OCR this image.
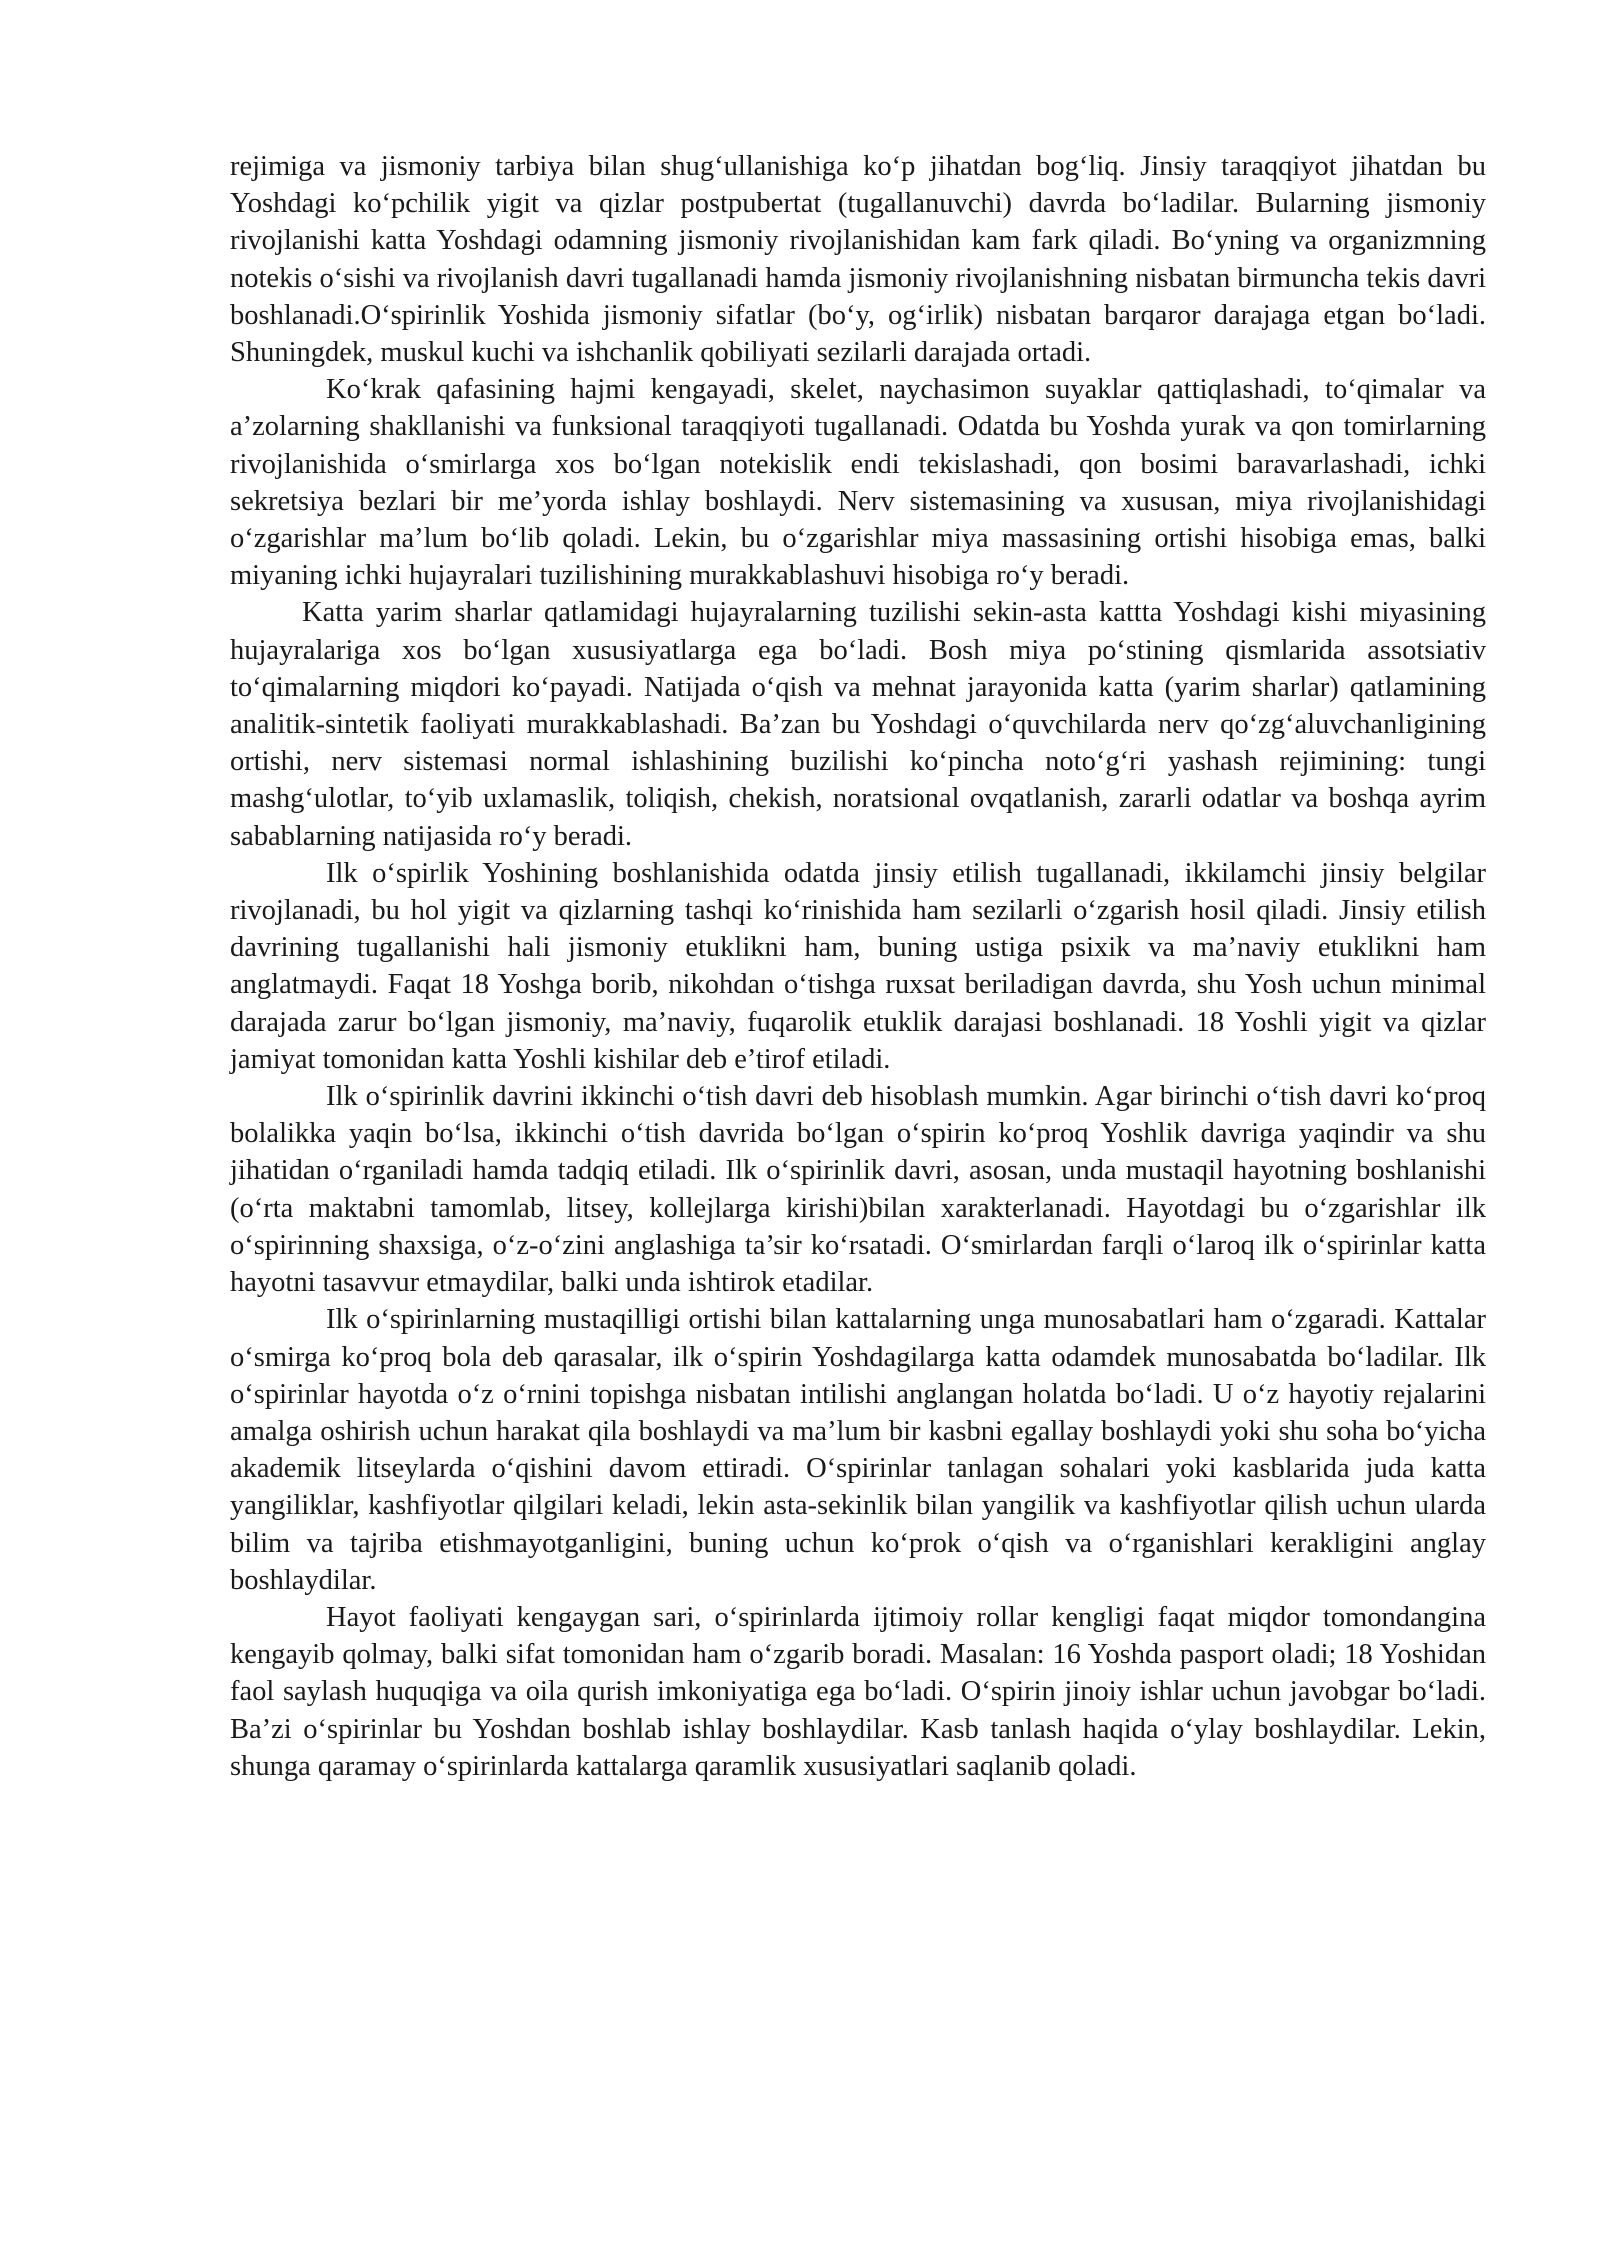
rejimiga va jismoniy tarbiya bilan shug‘ullanishiga ko‘p jihatdan bog‘liq. Jinsiy taraqqiyot jihatdan bu Yoshdagi ko‘pchilik yigit va qizlar postpubertat (tugallanuvchi) davrda bo‘ladilar. Bularning jismoniy rivojlanishi katta Yoshdagi odamning jismoniy rivojlanishidan kam fark qiladi. Bo‘yning va organizmning notekis o‘sishi va rivojlanish davri tugallanadi hamda jismoniy rivojlanishning nisbatan birmuncha tekis davri boshlanadi.O‘spirinlik Yoshida jismoniy sifatlar (bo‘y, og‘irlik) nisbatan barqaror darajaga etgan bo‘ladi. Shuningdek, muskul kuchi va ishchanlik qobiliyati sezilarli darajada ortadi.

Ko‘krak qafasining hajmi kengayadi, skelet, naychasimon suyaklar qattiqlashadi, to‘qimalar va a’zolarning shakllanishi va funksional taraqqiyoti tugallanadi. Odatda bu Yoshda yurak va qon tomirlarning rivojlanishida o‘smirlarga xos bo‘lgan notekislik endi tekislashadi, qon bosimi baravarlashadi, ichki sekretsiya bezlari bir me’yorda ishlay boshlaydi. Nerv sistemasining va xususan, miya rivojlanishidagi o‘zgarishlar ma’lum bo‘lib qoladi. Lekin, bu o‘zgarishlar miya massasining ortishi hisobiga emas, balki miyaning ichki hujayralari tuzilishining murakkablashuvi hisobiga ro‘y beradi.

Katta yarim sharlar qatlamidagi hujayralarning tuzilishi sekin-asta kattta Yoshdagi kishi miyasining hujayralariga xos bo‘lgan xususiyatlarga ega bo‘ladi. Bosh miya po‘stining qismlarida assotsiativ to‘qimalarning miqdori ko‘payadi. Natijada o‘qish va mehnat jarayonida katta (yarim sharlar) qatlamining analitik-sintetik faoliyati murakkablashadi. Ba’zan bu Yoshdagi o‘quvchilarda nerv qo‘zg‘aluvchanligining ortishi, nerv sistemasi normal ishlashining buzilishi ko‘pincha noto‘g‘ri yashash rejimining: tungi mashg‘ulotlar, to‘yib uxlamaslik, toliqish, chekish, noratsional ovqatlanish, zararli odatlar va boshqa ayrim sabablarning natijasida ro‘y beradi.

Ilk o‘spirlik Yoshining boshlanishida odatda jinsiy etilish tugallanadi, ikkilamchi jinsiy belgilar rivojlanadi, bu hol yigit va qizlarning tashqi ko‘rinishida ham sezilarli o‘zgarish hosil qiladi. Jinsiy etilish davrining tugallanishi hali jismoniy etuklikni ham, buning ustiga psixik va ma’naviy etuklikni ham anglatmaydi. Faqat 18 Yoshga borib, nikohdan o‘tishga ruxsat beriladigan davrda, shu Yosh uchun minimal darajada zarur bo‘lgan jismoniy, ma’naviy, fuqarolik etuklik darajasi boshlanadi. 18 Yoshli yigit va qizlar jamiyat tomonidan katta Yoshli kishilar deb e’tirof etiladi.

Ilk o‘spirinlik davrini ikkinchi o‘tish davri deb hisoblash mumkin. Agar birinchi o‘tish davri ko‘proq bolalikka yaqin bo‘lsa, ikkinchi o‘tish davrida bo‘lgan o‘spirin ko‘proq Yoshlik davriga yaqindir va shu jihatidan o‘rganiladi hamda tadqiq etiladi. Ilk o‘spirinlik davri, asosan, unda mustaqil hayotning boshlanishi (o‘rta maktabni tamomlab, litsey, kollejlarga kirishi)bilan xarakterlanadi. Hayotdagi bu o‘zgarishlar ilk o‘spirinning shaxsiga, o‘z-o‘zini anglashiga ta’sir ko‘rsatadi. O‘smirlardan farqli o‘laroq ilk o‘spirinlar katta hayotni tasavvur etmaydilar, balki unda ishtirok etadilar.

Ilk o‘spirinlarning mustaqilligi ortishi bilan kattalarning unga munosabatlari ham o‘zgaradi. Kattalar o‘smirga ko‘proq bola deb qarasalar, ilk o‘spirin Yoshdagilarga katta odamdek munosabatda bo‘ladilar. Ilk o‘spirinlar hayotda o‘z o‘rnini topishga nisbatan intilishi anglangan holatda bo‘ladi. U o‘z hayotiy rejalarini amalga oshirish uchun harakat qila boshlaydi va ma’lum bir kasbni egallay boshlaydi yoki shu soha bo‘yicha akademik litseylarda o‘qishini davom ettiradi. O‘spirinlar tanlagan sohalari yoki kasblarida juda katta yangiliklar, kashfiyotlar qilgilari keladi, lekin asta-sekinlik bilan yangilik va kashfiyotlar qilish uchun ularda bilim va tajriba etishmayotganligini, buning uchun ko‘prok o‘qish va o‘rganishlari kerakligini anglay boshlaydilar.

Hayot faoliyati kengaygan sari, o‘spirinlarda ijtimoiy rollar kengligi faqat miqdor tomondangina kengayib qolmay, balki sifat tomonidan ham o‘zgarib boradi. Masalan: 16 Yoshda pasport oladi; 18 Yoshidan faol saylash huquqiga va oila qurish imkoniyatiga ega bo‘ladi. O‘spirin jinoiy ishlar uchun javobgar bo‘ladi. Ba’zi o‘spirinlar bu Yoshdan boshlab ishlay boshlaydilar. Kasb tanlash haqida o‘ylay boshlaydilar. Lekin, shunga qaramay o‘spirinlarda kattalarga qaramlik xususiyatlari saqlanib qoladi.
